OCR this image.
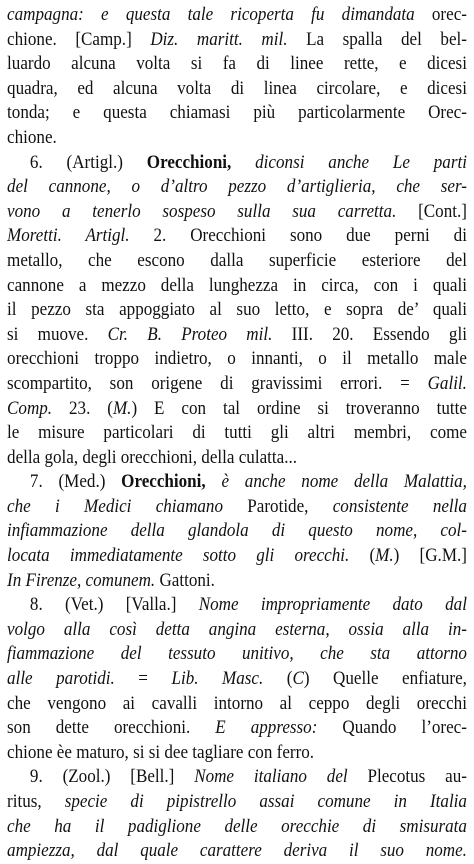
campagna: e questa tale ricoperta fu dimandata orec-
chione. [Camp.] Diz. maritt. mil. La spalla del bel-
luardo alcuna volta si fa di linee rette, e dicesi
quadra, ed alcuna volta di linea circolare, e dicesi
tonda; e questa chiamasi più particolarmente Orec-
chione.
6. (Artigl.) Orecchioni, diconsi anche Le parti
del cannone, o d’altro pezzo d’artiglieria, che ser-
vono a tenerlo sospeso sulla sua carretta. [Cont.]
Moretti. Artigl. 2. Orecchioni sono due perni di
metallo, che escono dalla superficie esteriore del
cannone a mezzo della lunghezza in circa, con i quali
il pezzo sta appoggiato al suo letto, e sopra de’ quali
si muove. Cr. B. Proteo mil. III. 20. Essendo gli
orecchioni troppo indietro, o innanti, o il metallo male
scompartito, son origene di gravissimi errori. = Galil.
Comp. 23. (M.) E con tal ordine si troveranno tutte
le misure particolari di tutti gli altri membri, come
della gola, degli orecchioni, della culatta...
7. (Med.) Orecchioni, è anche nome della Malattia,
che i Medici chiamano Parotide, consistente nella
infiammazione della glandola di questo nome, col-
locata immediatamente sotto gli orecchi. (M.) [G.M.]
In Firenze, comunem. Gattoni.
8. (Vet.) [Valla.] Nome impropriamente dato dal
volgo alla così detta angina esterna, ossia alla in-
fiammazione del tessuto unitivo, che sta attorno
alle parotidi. = Lib. Masc. (C) Quelle enfiature,
che vengono ai cavalli intorno al ceppo degli orecchi
son dette orecchioni. E appresso: Quando l’orec-
chione èe maturo, si si dee tagliare con ferro.
9. (Zool.) [Bell.] Nome italiano del Plecotus au-
ritus, specie di pipistrello assai comune in Italia
che ha il padiglione delle orecchie di smisurata
ampiezza, dal quale carattere deriva il suo nome.
